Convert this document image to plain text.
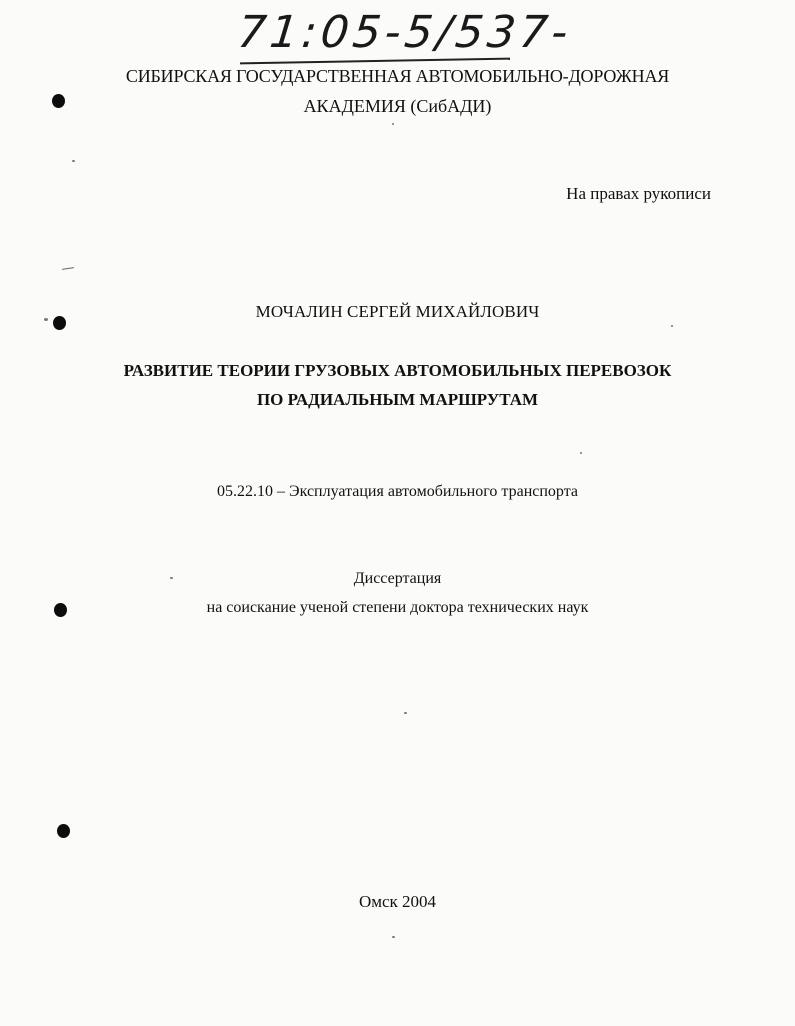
71:05-5/537-
СИБИРСКАЯ ГОСУДАРСТВЕННАЯ АВТОМОБИЛЬНО-ДОРОЖНАЯ
АКАДЕМИЯ (СибАДИ)
На правах рукописи
МОЧАЛИН СЕРГЕЙ МИХАЙЛОВИЧ
РАЗВИТИЕ ТЕОРИИ ГРУЗОВЫХ АВТОМОБИЛЬНЫХ ПЕРЕВОЗОК
ПО РАДИАЛЬНЫМ МАРШРУТАМ
05.22.10 – Эксплуатация автомобильного транспорта
Диссертация
на соискание ученой степени доктора технических наук
Омск 2004
